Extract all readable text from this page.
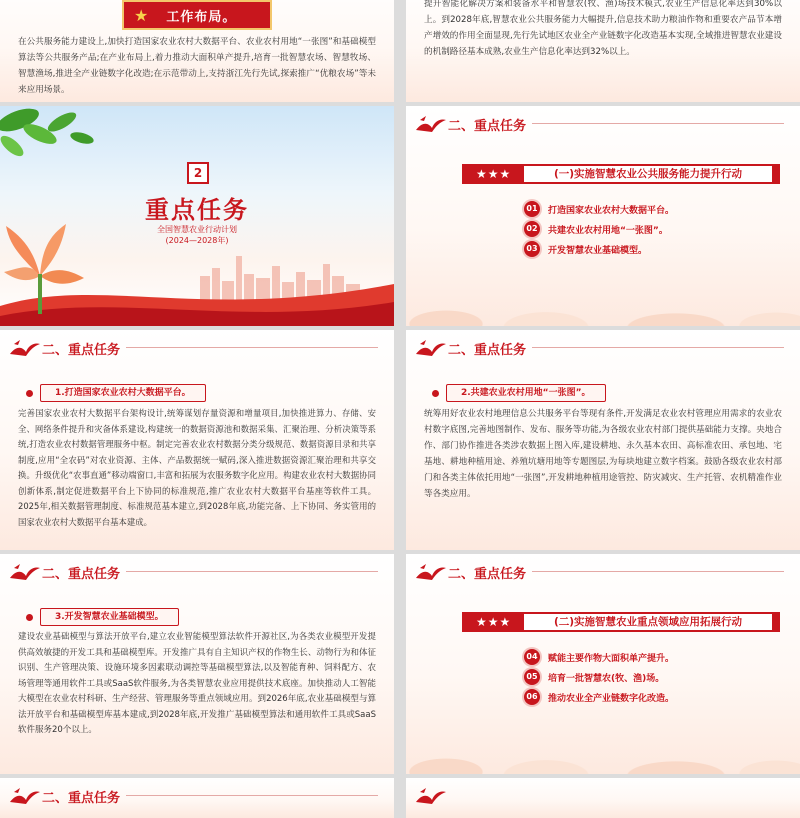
★ 工作布局。
在公共服务能力建设上,加快打造国家农业农村大数据平台、农业农村用地“一张图”和基础模型算法等公共服务产品;在产业布局上,着力推动大面积单产提升,培育一批智慧农场、智慧牧场、智慧渔场,推进全产业链数字化改造;在示范带动上,支持浙江先行先试,探索推广“优粮农场”等未来应用场景。
提升智能化解决方案和装备水平和智慧农(牧、渔)场技术模式,农业生产信息化率达到30%以上。到2028年底,智慧农业公共服务能力大幅提升,信息技术助力粮油作物和重要农产品节本增产增效的作用全面显现,先行先试地区农业全产业链数字化改造基本实现,全域推进智慧农业建设的机制路径基本成熟,农业生产信息化率达到32%以上。
2
重点任务
全国智慧农业行动计划
(2024—2028年)
二、重点任务
★★★	(一)实施智慧农业公共服务能力提升行动
01 打造国家农业农村大数据平台。
02 共建农业农村用地“一张图”。
03 开发智慧农业基础模型。
二、重点任务
1.打造国家农业农村大数据平台。
完善国家农业农村大数据平台架构设计,统筹谋划存量资源和增量项目,加快推进算力、存储、安全、网络条件提升和灾备体系建设,构建统一的数据资源池和数据采集、汇聚治理、分析决策等系统,打造农业农村数据管理服务中枢。制定完善农业农村数据分类分级规范、数据资源目录和共享制度,应用“全农码”对农业资源、主体、产品数据统一赋码,深入推进数据资源汇聚治理和共享交换。升级优化“农事直通”移动端窗口,丰富和拓展为农服务数字化应用。构建农业农村大数据协同创新体系,制定促进数据平台上下协同的标准规范,推广农业农村大数据平台基座等软件工具。2025年,相关数据管理制度、标准规范基本建立,到2028年底,功能完备、上下协同、务实管用的国家农业农村大数据平台基本建成。
二、重点任务
2.共建农业农村用地“一张图”。
统筹用好农业农村地理信息公共服务平台等现有条件,开发满足农业农村管理应用需求的农业农村数字底图,完善地图制作、发布、服务等功能,为各级农业农村部门提供基础能力支撑。央地合作、部门协作推进各类涉农数据上图入库,建设耕地、永久基本农田、高标准农田、承包地、宅基地、耕地种植用途、养殖坑塘用地等专题图层,为每块地建立数字档案。鼓励各级农业农村部门和各类主体依托用地“一张图”,开发耕地种植用途管控、防灾减灾、生产托管、农机精准作业等各类应用。
二、重点任务
3.开发智慧农业基础模型。
建设农业基础模型与算法开放平台,建立农业智能模型算法软件开源社区,为各类农业模型开发提供高效敏捷的开发工具和基础模型库。开发推广具有自主知识产权的作物生长、动物行为和体征识别、生产管理决策、设施环境多因素联动调控等基础模型算法,以及智能育种、饲料配方、农场管理等通用软件工具或SaaS软件服务,为各类智慧农业应用提供技术底座。加快推动人工智能大模型在农业农村科研、生产经营、管理服务等重点领域应用。到2026年底,农业基础模型与算法开放平台和基础模型库基本建成,到2028年底,开发推广基础模型算法和通用软件工具或SaaS软件服务20个以上。
二、重点任务
★★★	(二)实施智慧农业重点领域应用拓展行动
04 赋能主要作物大面积单产提升。
05 培育一批智慧农(牧、渔)场。
06 推动农业全产业链数字化改造。
二、重点任务
